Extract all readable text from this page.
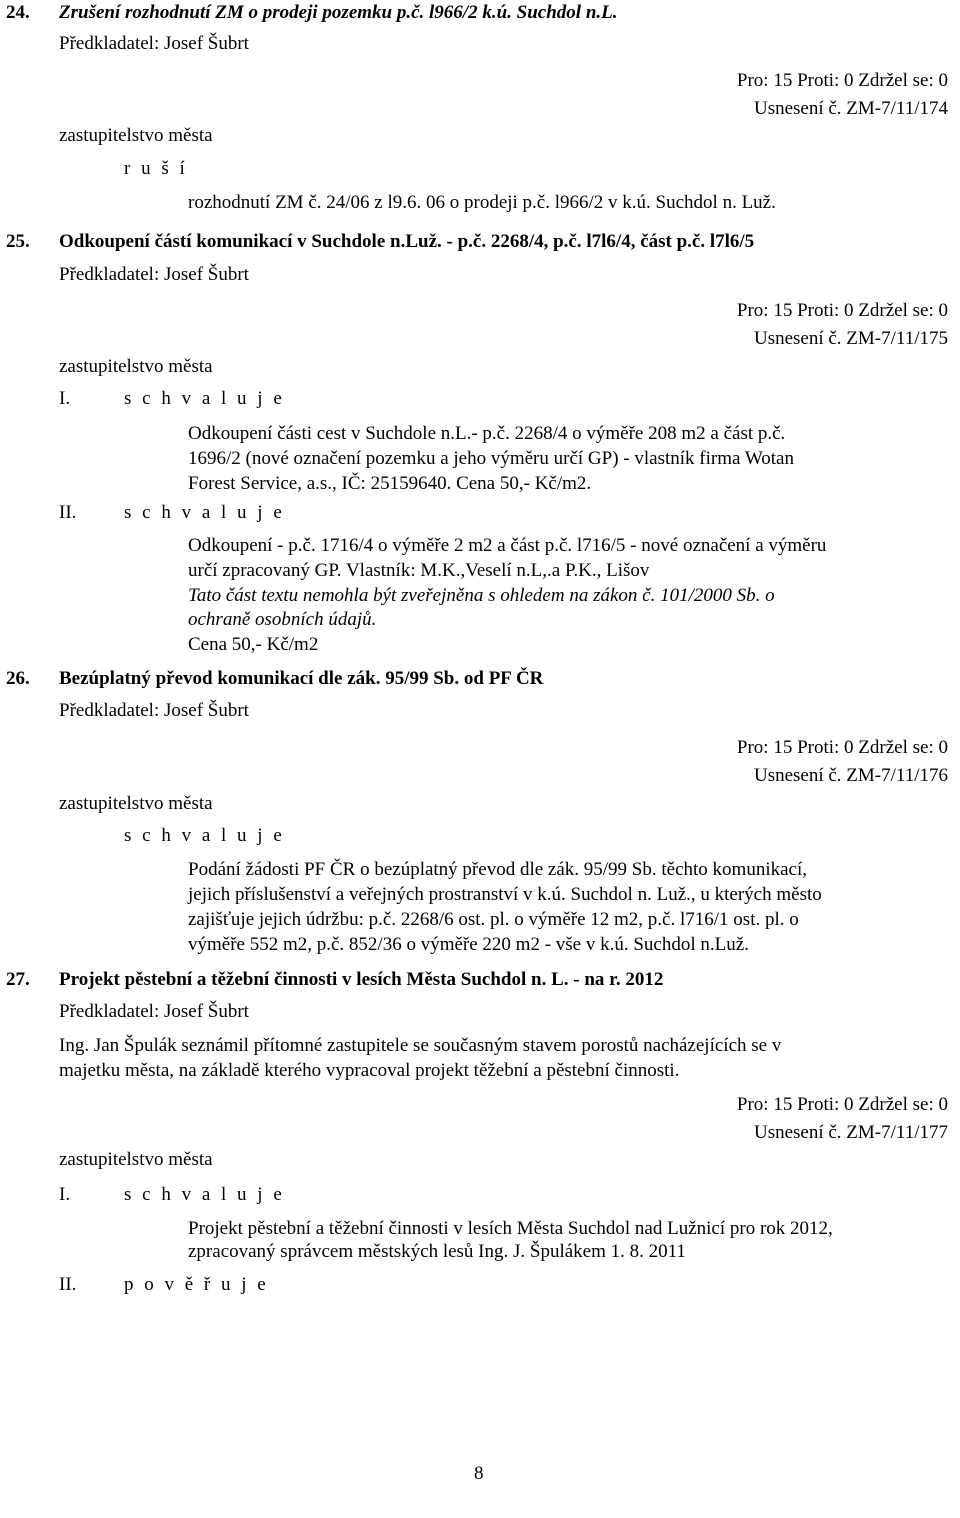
24. Zrušení rozhodnutí ZM o prodeji pozemku p.č. l966/2 k.ú. Suchdol n.L.
Předkladatel: Josef Šubrt
Pro: 15 Proti: 0 Zdržel se: 0
Usnesení č. ZM-7/11/174
zastupitelstvo města
r u š í
rozhodnutí ZM č. 24/06 z l9.6. 06 o prodeji p.č. l966/2 v k.ú. Suchdol n. Luž.
25. Odkoupení částí komunikací v Suchdole n.Luž. - p.č. 2268/4, p.č. l7l6/4, část p.č. l7l6/5
Předkladatel: Josef Šubrt
Pro: 15 Proti: 0 Zdržel se: 0
Usnesení č. ZM-7/11/175
zastupitelstvo města
I.	s c h v a l u j e
Odkoupení části cest v Suchdole n.L.- p.č. 2268/4 o výměře 208 m2 a část p.č.
1696/2 (nové označení pozemku a jeho výměru určí GP) - vlastník firma Wotan
Forest Service, a.s., IČ: 25159640. Cena 50,- Kč/m2.
II.	s c h v a l u j e
Odkoupení - p.č. 1716/4 o výměře 2 m2 a část p.č. l716/5 - nové označení a výměru
určí zpracovaný GP. Vlastník: M.K.,Veselí n.L,.a P.K., Lišov
Tato část textu nemohla být zveřejněna s ohledem na zákon č. 101/2000 Sb. o
ochraně osobních údajů.
Cena 50,- Kč/m2
26. Bezúplatný převod komunikací dle zák. 95/99 Sb. od PF ČR
Předkladatel: Josef Šubrt
Pro: 15 Proti: 0 Zdržel se: 0
Usnesení č. ZM-7/11/176
zastupitelstvo města
s c h v a l u j e
Podání žádosti PF ČR o bezúplatný převod dle zák. 95/99 Sb. těchto komunikací,
jejich příslušenství a veřejných prostranství v k.ú. Suchdol n. Luž., u kterých město
zajišťuje jejich údržbu: p.č. 2268/6 ost. pl. o výměře 12 m2, p.č. l716/1 ost. pl. o
výměře 552 m2, p.č. 852/36 o výměře 220 m2 - vše v k.ú. Suchdol n.Luž.
27. Projekt pěstební a těžební činnosti v lesích Města Suchdol n. L. - na r. 2012
Předkladatel: Josef Šubrt
Ing. Jan Špulák seznámil přítomné zastupitele se současným stavem porostů nacházejících se v
majetku města, na základě kterého vypracoval projekt těžební a pěstební činnosti.
Pro: 15 Proti: 0 Zdržel se: 0
Usnesení č. ZM-7/11/177
zastupitelstvo města
I.	s c h v a l u j e
Projekt pěstební a těžební činnosti v lesích Města Suchdol nad Lužnicí pro rok 2012,
zpracovaný správcem městských lesů Ing. J. Špulákem 1. 8. 2011
II.	p o v ě ř u j e
8
